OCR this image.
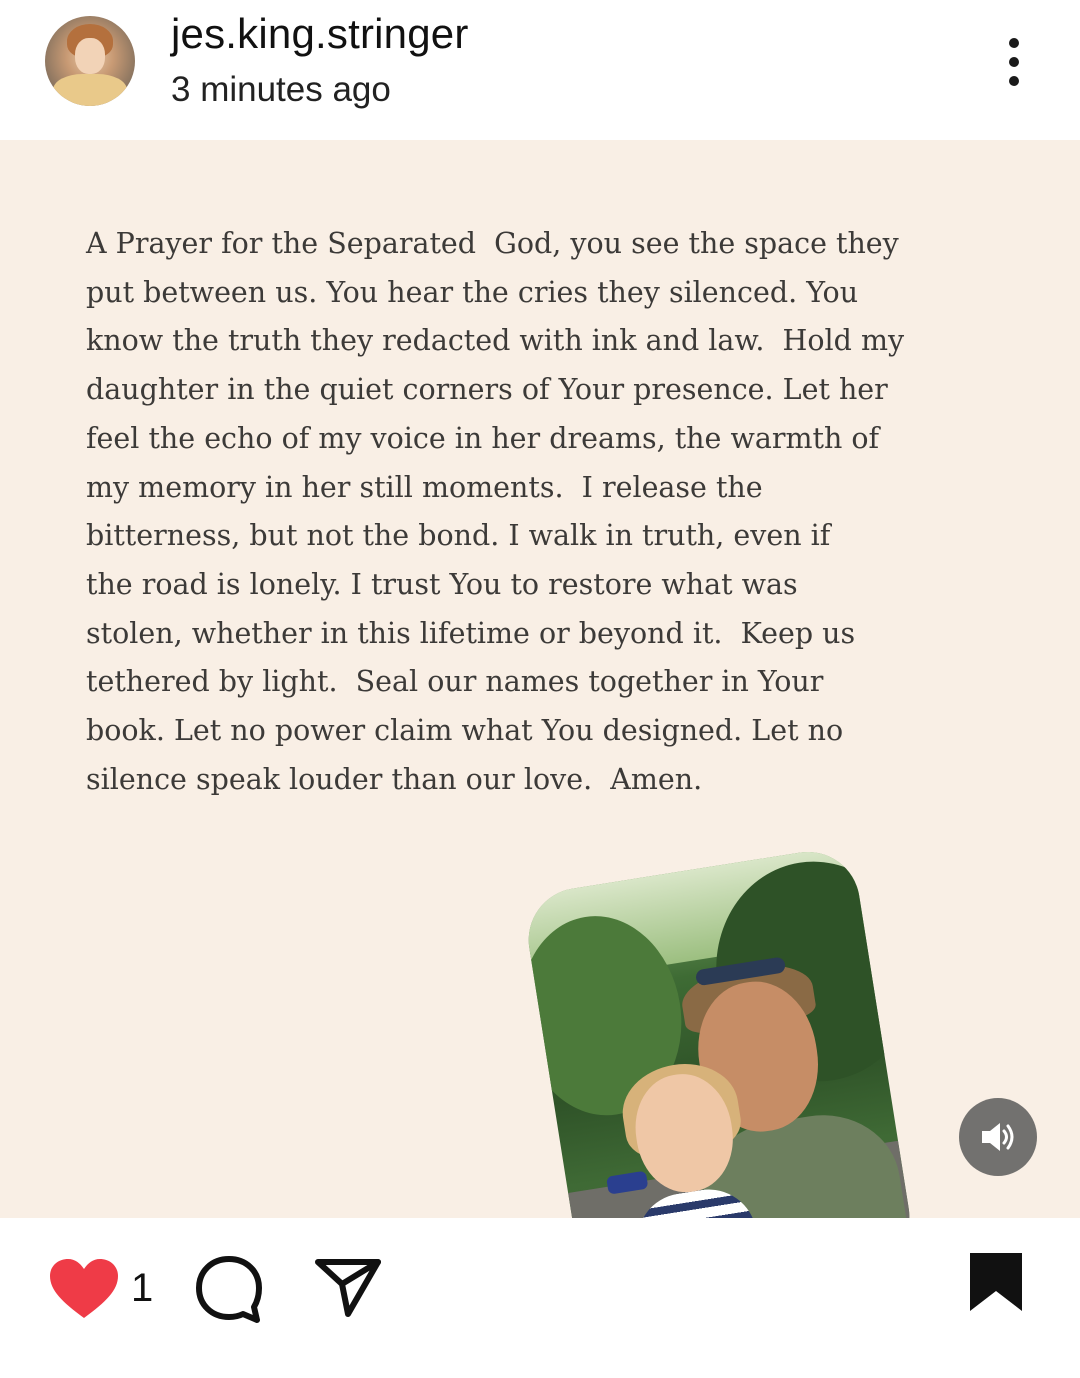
jes.king.stringer
3 minutes ago
A Prayer for the Separated  God, you see the space they
put between us. You hear the cries they silenced. You
know the truth they redacted with ink and law.  Hold my
daughter in the quiet corners of Your presence. Let her
feel the echo of my voice in her dreams, the warmth of
my memory in her still moments.  I release the
bitterness, but not the bond. I walk in truth, even if
the road is lonely. I trust You to restore what was
stolen, whether in this lifetime or beyond it.  Keep us
tethered by light.  Seal our names together in Your
book. Let no power claim what You designed. Let no
silence speak louder than our love.  Amen.
1
